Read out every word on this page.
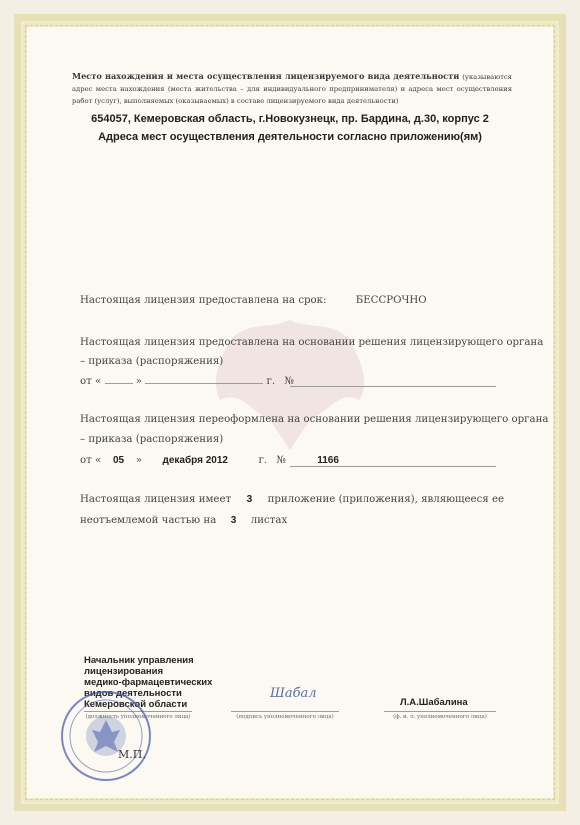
Место нахождения и места осуществления лицензируемого вида деятельности (указываются адрес места нахождения (места жительства – для индивидуального предпринимателя) и адреса мест осуществления работ (услуг), выполняемых (оказываемых) в составе лицензируемого вида деятельности)
654057, Кемеровская область, г.Новокузнецк, пр. Бардина, д.30, корпус 2
Адреса мест осуществления деятельности согласно приложению(ям)
Настоящая лицензия предоставлена на срок:	БЕССРОЧНО
Настоящая лицензия предоставлена на основании решения лицензирующего органа
– приказа (распоряжения)
от «	»	г. №
Настоящая лицензия переоформлена на основании решения лицензирующего органа
– приказа (распоряжения)
от « 05 » декабря 2012	г. №	1166
Настоящая лицензия имеет 3 приложение (приложения), являющееся ее
неотъемлемой частью на 3 листах
Начальник управления
лицензирования
медико-фармацевтических
видов деятельности
Кемеровской области
Шабал
Л.А.Шабалина
(должность уполномоченного лица)	(подпись уполномоченного лица)	(ф. и. о. уполномоченного лица)
М.П.
